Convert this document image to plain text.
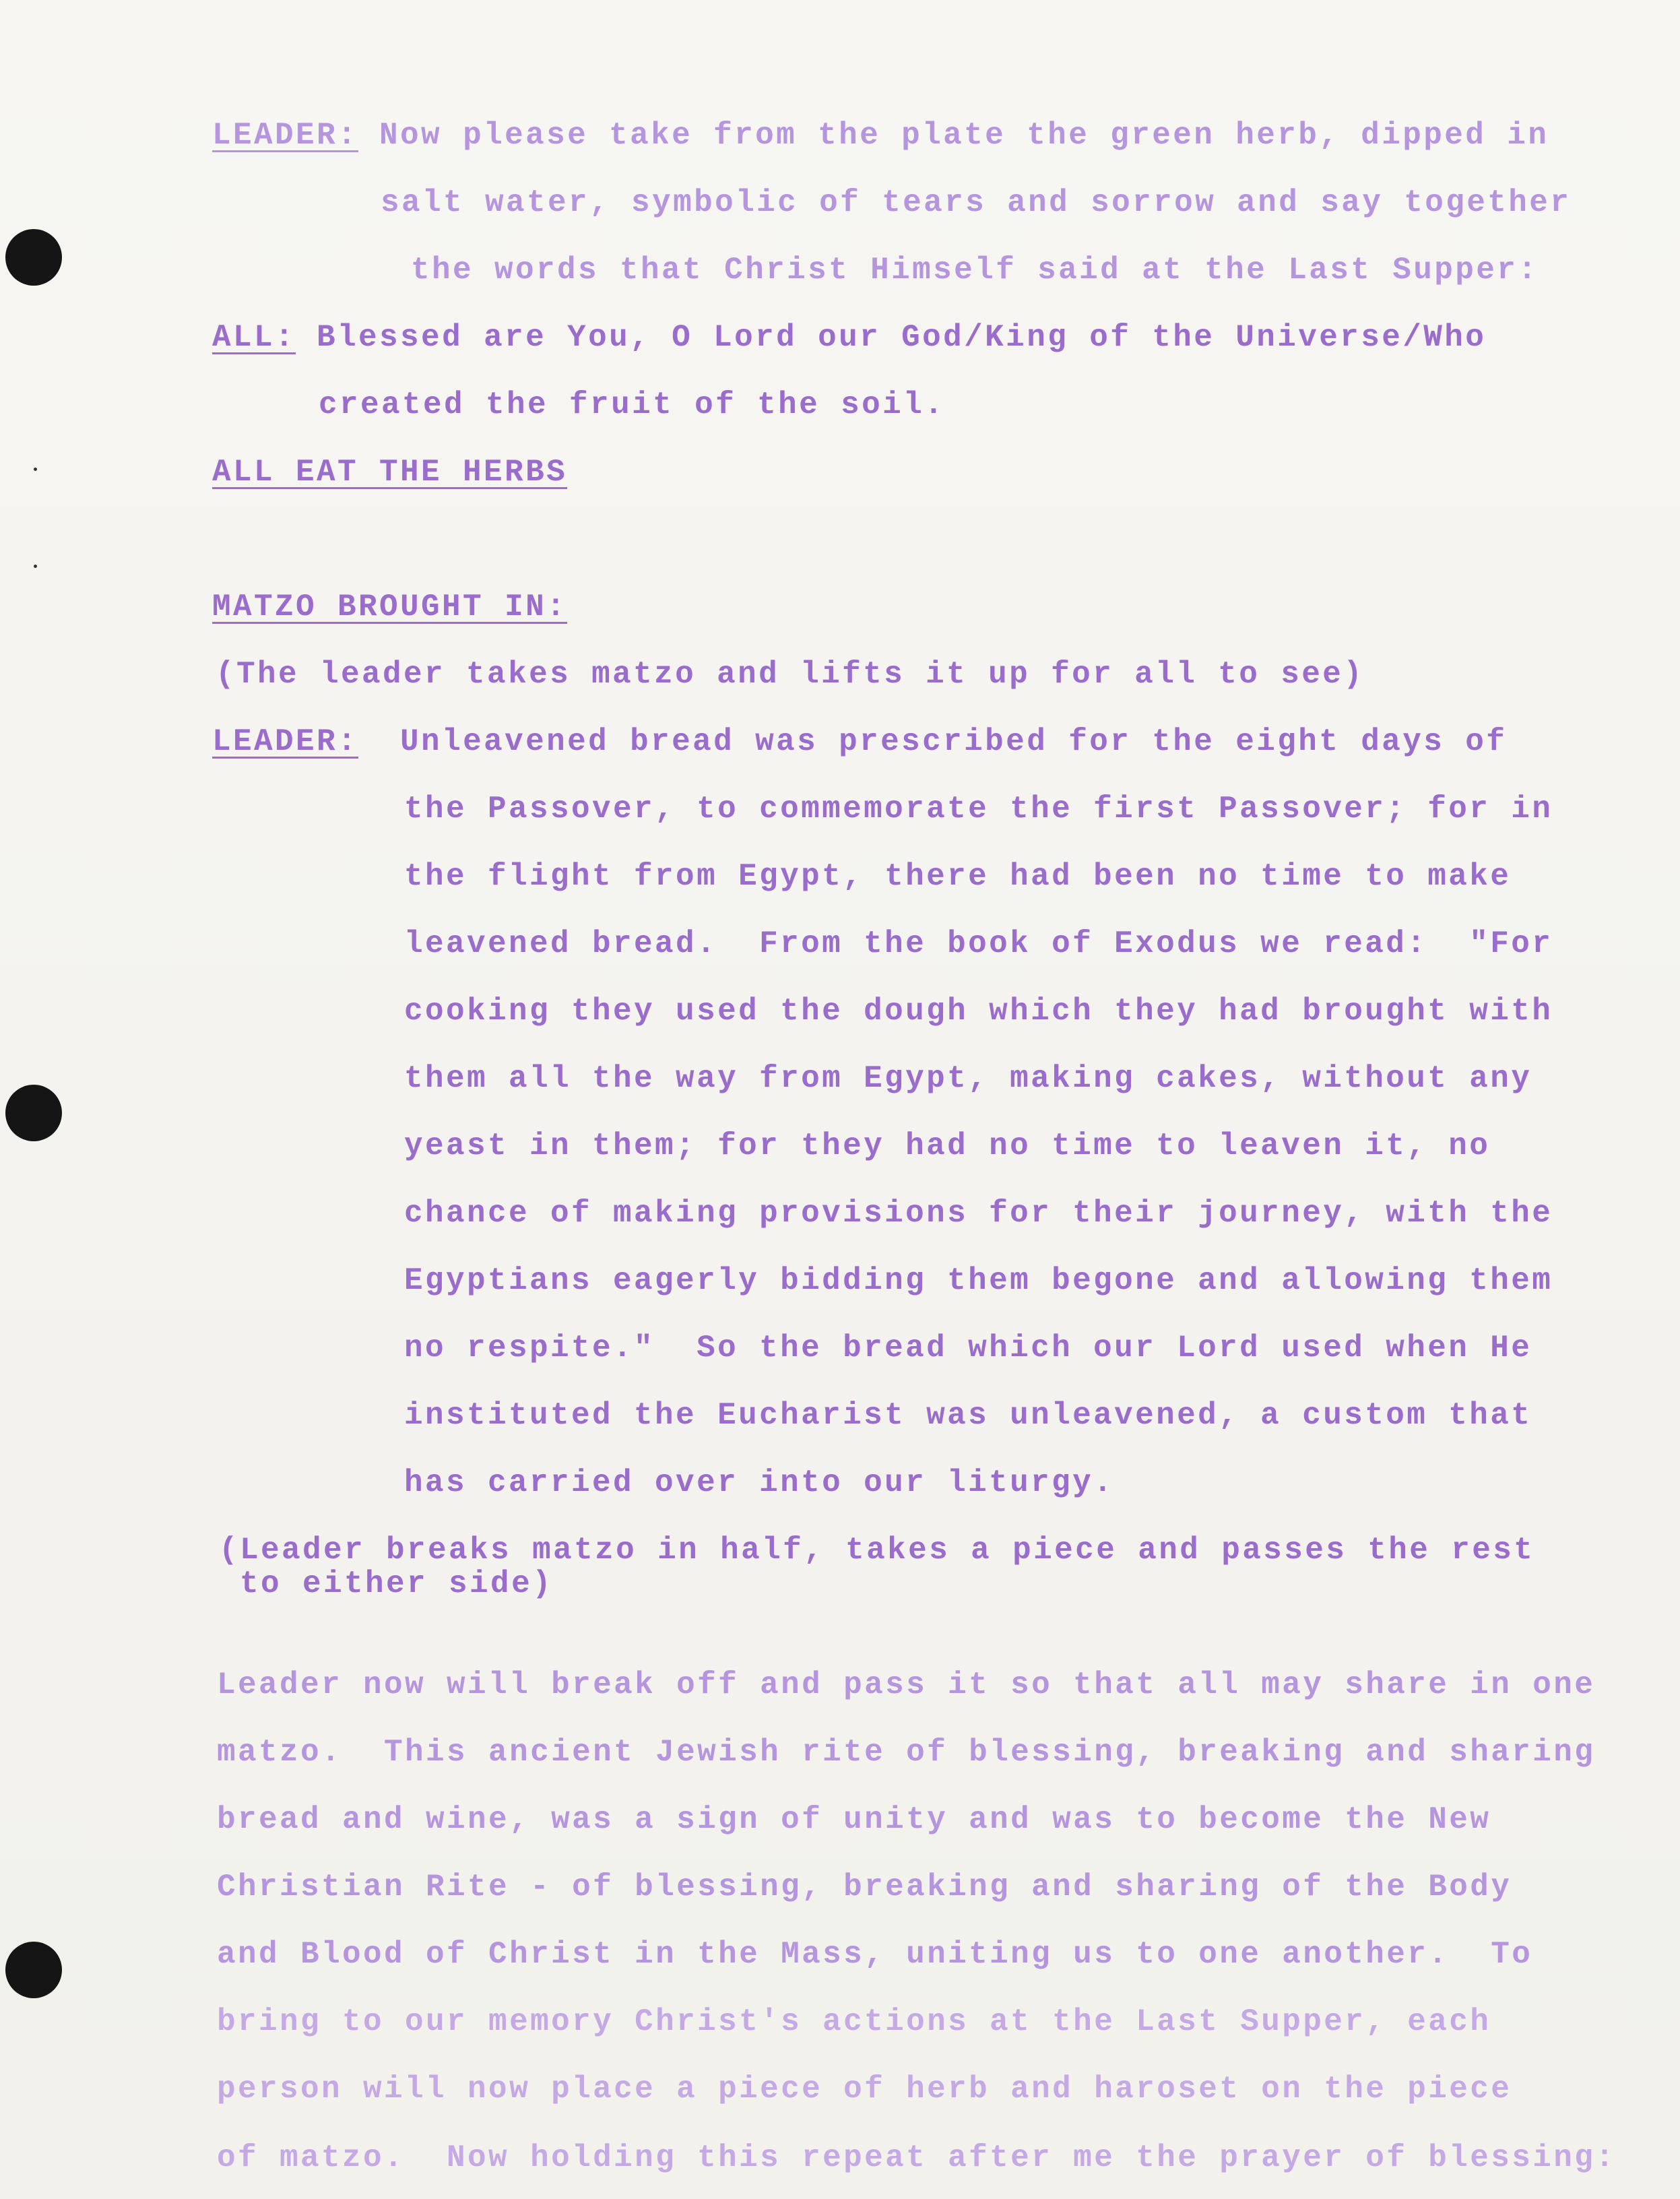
LEADER: Now please take from the plate the green herb, dipped in
salt water, symbolic of tears and sorrow and say together
the words that Christ Himself said at the Last Supper:
ALL: Blessed are You, O Lord our God/King of the Universe/Who
created the fruit of the soil.
ALL EAT THE HERBS
MATZO BROUGHT IN:
(The leader takes matzo and lifts it up for all to see)
LEADER:  Unleavened bread was prescribed for the eight days of
the Passover, to commemorate the first Passover; for in
the flight from Egypt, there had been no time to make
leavened bread.  From the book of Exodus we read:  "For
cooking they used the dough which they had brought with
them all the way from Egypt, making cakes, without any
yeast in them; for they had no time to leaven it, no
chance of making provisions for their journey, with the
Egyptians eagerly bidding them begone and allowing them
no respite."  So the bread which our Lord used when He
instituted the Eucharist was unleavened, a custom that
has carried over into our liturgy.
(Leader breaks matzo in half, takes a piece and passes the rest
to either side)
Leader now will break off and pass it so that all may share in one
matzo.  This ancient Jewish rite of blessing, breaking and sharing
bread and wine, was a sign of unity and was to become the New
Christian Rite - of blessing, breaking and sharing of the Body
and Blood of Christ in the Mass, uniting us to one another.  To
bring to our memory Christ's actions at the Last Supper, each
person will now place a piece of herb and haroset on the piece
of matzo.  Now holding this repeat after me the prayer of blessing:
